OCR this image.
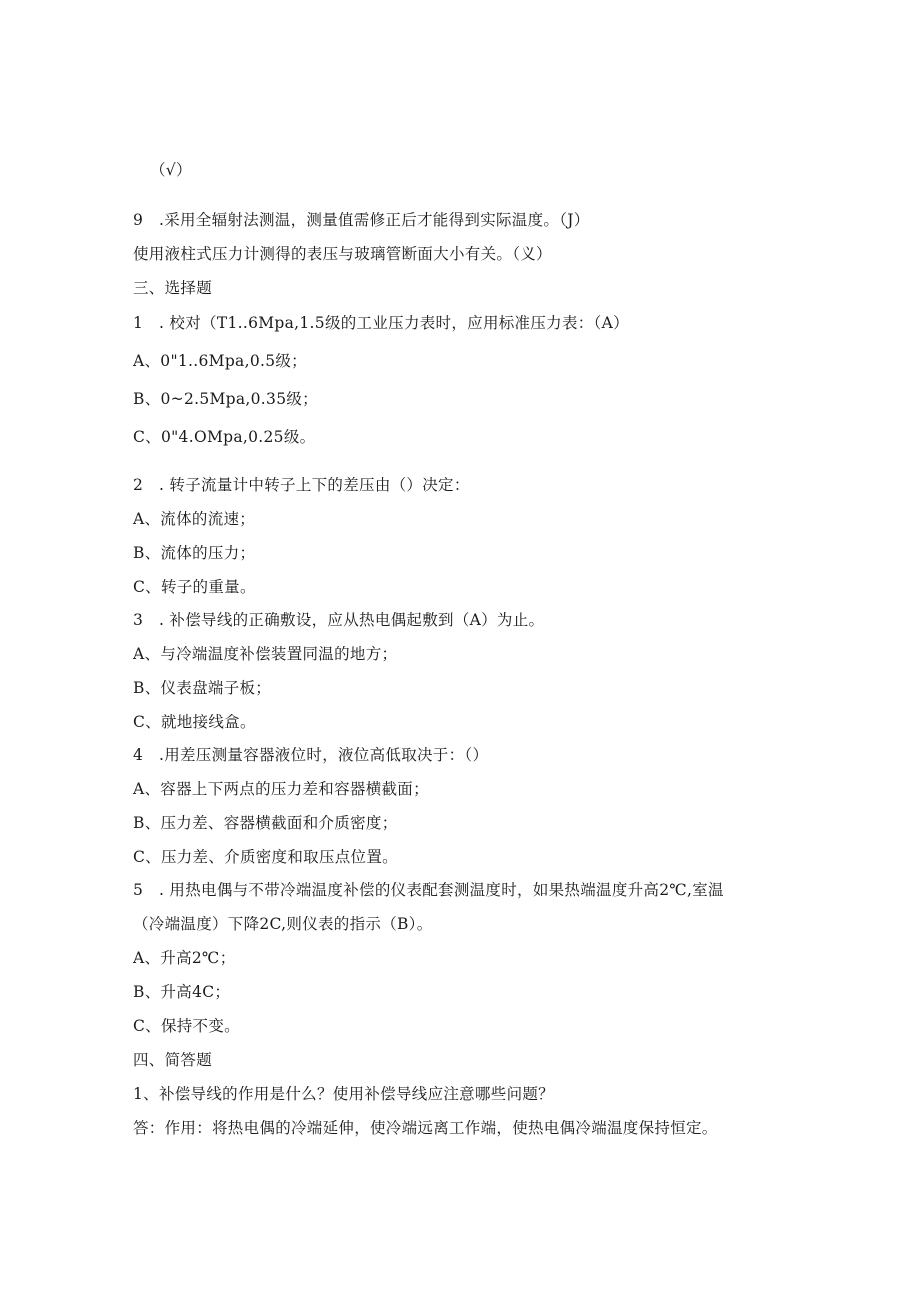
（√）
9　.采用全辐射法测温，测量值需修正后才能得到实际温度。（J）
使用液柱式压力计测得的表压与玻璃管断面大小有关。（义）
三、选择题
1　. 校对（T1..6Mpa,1.5级的工业压力表时，应用标准压力表：（A）
A、0"1..6Mpa,0.5级；
B、0~2.5Mpa,0.35级；
C、0"4.OMpa,0.25级。
2　. 转子流量计中转子上下的差压由（）决定：
A、流体的流速；
B、流体的压力；
C、转子的重量。
3　. 补偿导线的正确敷设，应从热电偶起敷到（A）为止。
A、与冷端温度补偿装置同温的地方；
B、仪表盘端子板；
C、就地接线盒。
4　.用差压测量容器液位时，液位高低取决于：（）
A、容器上下两点的压力差和容器横截面；
B、压力差、容器横截面和介质密度；
C、压力差、介质密度和取压点位置。
5　. 用热电偶与不带冷端温度补偿的仪表配套测温度时，如果热端温度升高2℃,室温
（冷端温度）下降2C,则仪表的指示（B）。
A、升高2℃；
B、升高4C；
C、保持不变。
四、简答题
1、补偿导线的作用是什么？使用补偿导线应注意哪些问题？
答：作用：将热电偶的冷端延伸，使冷端远离工作端，使热电偶冷端温度保持恒定。
